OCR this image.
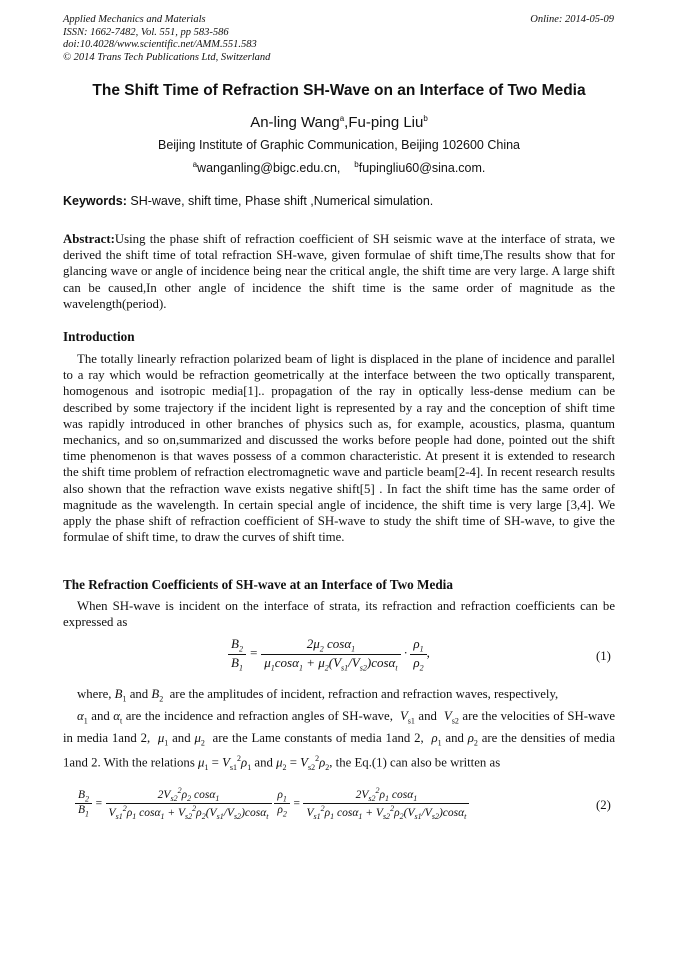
Applied Mechanics and Materials
ISSN: 1662-7482, Vol. 551, pp 583-586
doi:10.4028/www.scientific.net/AMM.551.583
© 2014 Trans Tech Publications Ltd, Switzerland
Online: 2014-05-09
The Shift Time of Refraction SH-Wave on an Interface of Two Media
An-ling Wang$^a$,Fu-ping Liu$^b$
Beijing Institute of Graphic Communication, Beijing 102600 China
$^a$wanganling@bigc.edu.cn, $^b$fupingliu60@sina.com.
Keywords: SH-wave, shift time, Phase shift ,Numerical simulation.

Abstract:Using the phase shift of refraction coefficient of SH seismic wave at the interface of strata, we derived the shift time of total refraction SH-wave, given formulae of shift time,The results show that for glancing wave or angle of incidence being near the critical angle, the shift time are very large. A large shift can be caused,In other angle of incidence the shift time is the same order of magnitude as the wavelength(period).

Introduction

The totally linearly refraction polarized beam of light is displaced in the plane of incidence and parallel to a ray which would be refraction geometrically at the interface between the two optically transparent, homogenous and isotropic media[1].. propagation of the ray in optically less-dense medium can be described by some trajectory if the incident light is represented by a ray and the conception of shift time was rapidly introduced in other branches of physics such as, for example, acoustics, plasma, quantum mechanics, and so on,summarized and discussed the works before people had done, pointed out the shift time phenomenon is that waves possess of a common characteristic. At present it is extended to research the shift time problem of refraction electromagnetic wave and particle beam[2-4]. In recent research results also shown that the refraction wave exists negative shift[5] . In fact the shift time has the same order of magnitude as the wavelength. In certain special angle of incidence, the shift time is very large [3,4]. We apply the phase shift of refraction coefficient of SH-wave to study the shift time of SH-wave, to give the formulae of shift time, to draw the curves of shift time.

The Refraction Coefficients of SH-wave at an Interface of Two Media

When SH-wave is incident on the interface of strata, its refraction and refraction coefficients can be expressed as

$\frac{B_2}{B_1} = \frac{2\mu_2 \cos\alpha_1}{\mu_1\cos\alpha_1 + \mu_2(V_{s1}/V_{s2})\cos\alpha_t} \cdot \frac{\rho_1}{\rho_2}$ ,	(1)

where, $B_1$ and $B_2$ are the amplitudes of incident, refraction and refraction waves, respectively,
$\alpha_1$ and $\alpha_t$ are the incidence and refraction angles of SH-wave, $V_{s1}$ and  $V_{s2}$ are the velocities of SH-wave in media 1and 2, $\mu_1$ and $\mu_2$ are the Lame constants of media 1and 2, $\rho_1$ and $\rho_2$ are the densities of media 1and 2. With the relations $\mu_1 = V_{s1}^2\rho_1$ and $\mu_2 = V_{s2}^2\rho_2$, the Eq.(1) can also be written as

$\frac{B_2}{B_1} = \frac{2V_{s2}^2\rho_2 \cos\alpha_1}{V_{s1}^2\rho_1 \cos\alpha_1 + V_{s2}^2\rho_2(V_{s1}/V_{s2})\cos\alpha_t}$
$\frac{\rho_1}{\rho_2} = \frac{2V_{s2}^2\rho_1 \cos\alpha_1}{V_{s1}^2\rho_1 \cos\alpha_1 + V_{s2}^2\rho_2(V_{s1}/V_{s2})\cos\alpha_t}$	(2)
